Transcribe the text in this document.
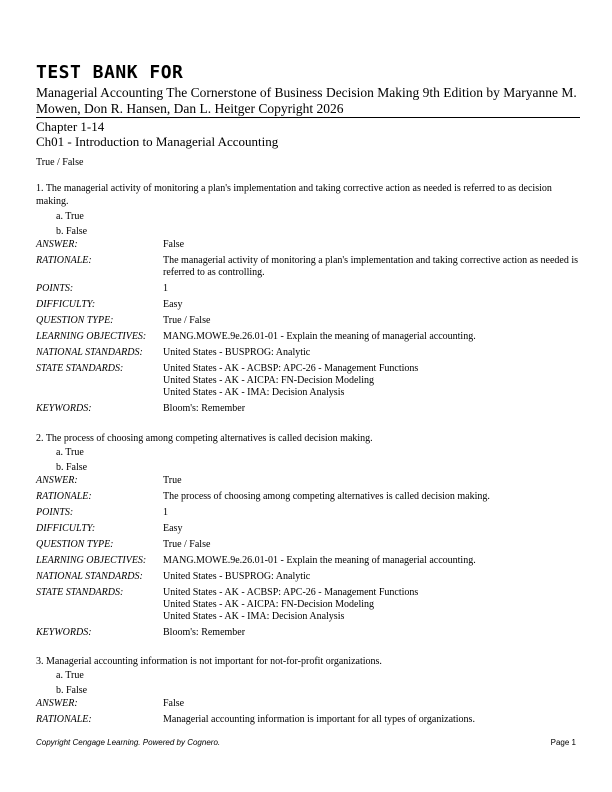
TEST BANK FOR
Managerial Accounting The Cornerstone of Business Decision Making 9th Edition by Maryanne M. Mowen, Don R. Hansen, Dan L. Heitger Copyright 2026
Chapter 1-14
Ch01 - Introduction to Managerial Accounting
True / False

1. The managerial activity of monitoring a plan's implementation and taking corrective action as needed is referred to as decision making.

a. True
b. False
ANSWER:	False
RATIONALE:	The managerial activity of monitoring a plan's implementation and taking corrective action as needed is referred to as controlling.
POINTS:	1
DIFFICULTY:	Easy
QUESTION TYPE:	True / False
LEARNING OBJECTIVES:	MANG.MOWE.9e.26.01-01 - Explain the meaning of managerial accounting.
NATIONAL STANDARDS:	United States - BUSPROG: Analytic
STATE STANDARDS:	United States - AK - ACBSP: APC-26 - Management Functions
United States - AK - AICPA: FN-Decision Modeling
United States - AK - IMA: Decision Analysis

KEYWORDS:	Bloom's: Remember

2. The process of choosing among competing alternatives is called decision making.

a. True
b. False
ANSWER:	True
RATIONALE:	The process of choosing among competing alternatives is called decision making.
POINTS:	1
DIFFICULTY:	Easy
QUESTION TYPE:	True / False
LEARNING OBJECTIVES:	MANG.MOWE.9e.26.01-01 - Explain the meaning of managerial accounting.
NATIONAL STANDARDS:	United States - BUSPROG: Analytic
STATE STANDARDS:	United States - AK - ACBSP: APC-26 - Management Functions
United States - AK - AICPA: FN-Decision Modeling
United States - AK - IMA: Decision Analysis

KEYWORDS:	Bloom's: Remember

3. Managerial accounting information is not important for not-for-profit organizations.

a. True
b. False
ANSWER:	False
RATIONALE:	Managerial accounting information is important for all types of organizations.
Copyright Cengage Learning. Powered by Cognero.	Page 1
